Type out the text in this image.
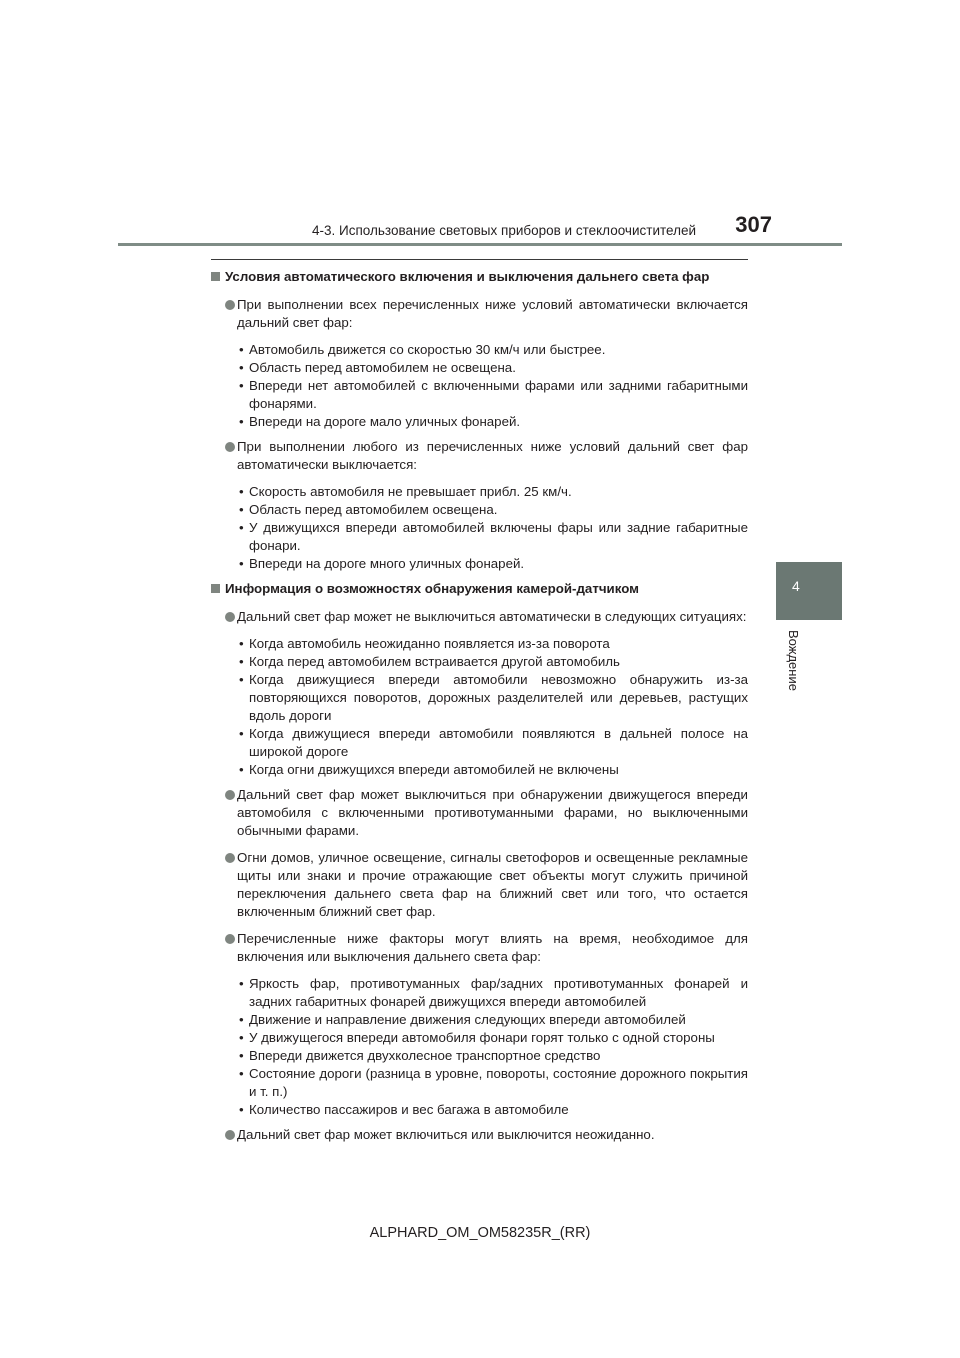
4-3. Использование световых приборов и стеклоочистителей 307
4
Вождение
Условия автоматического включения и выключения дальнего света фар
При выполнении всех перечисленных ниже условий автоматически включается дальний свет фар:
• Автомобиль движется со скоростью 30 км/ч или быстрее.
• Область перед автомобилем не освещена.
• Впереди нет автомобилей с включенными фарами или задними габаритными фонарями.
• Впереди на дороге мало уличных фонарей.
При выполнении любого из перечисленных ниже условий дальний свет фар автоматически выключается:
• Скорость автомобиля не превышает прибл. 25 км/ч.
• Область перед автомобилем освещена.
• У движущихся впереди автомобилей включены фары или задние габаритные фонари.
• Впереди на дороге много уличных фонарей.
Информация о возможностях обнаружения камерой-датчиком
Дальний свет фар может не выключиться автоматически в следующих ситуациях:
• Когда автомобиль неожиданно появляется из-за поворота
• Когда перед автомобилем встраивается другой автомобиль
• Когда движущиеся впереди автомобили невозможно обнаружить из-за повторяющихся поворотов, дорожных разделителей или деревьев, растущих вдоль дороги
• Когда движущиеся впереди автомобили появляются в дальней полосе на широкой дороге
• Когда огни движущихся впереди автомобилей не включены
Дальний свет фар может выключиться при обнаружении движущегося впереди автомобиля с включенными противотуманными фарами, но выключенными обычными фарами.
Огни домов, уличное освещение, сигналы светофоров и освещенные рекламные щиты или знаки и прочие отражающие свет объекты могут служить причиной переключения дальнего света фар на ближний свет или того, что остается включенным ближний свет фар.
Перечисленные ниже факторы могут влиять на время, необходимое для включения или выключения дальнего света фар:
• Яркость фар, противотуманных фар/задних противотуманных фонарей и задних габаритных фонарей движущихся впереди автомобилей
• Движение и направление движения следующих впереди автомобилей
• У движущегося впереди автомобиля фонари горят только с одной стороны
• Впереди движется двухколесное транспортное средство
• Состояние дороги (разница в уровне, повороты, состояние дорожного покрытия и т. п.)
• Количество пассажиров и вес багажа в автомобиле
Дальний свет фар может включиться или выключится неожиданно.
ALPHARD_OM_OM58235R_(RR)
